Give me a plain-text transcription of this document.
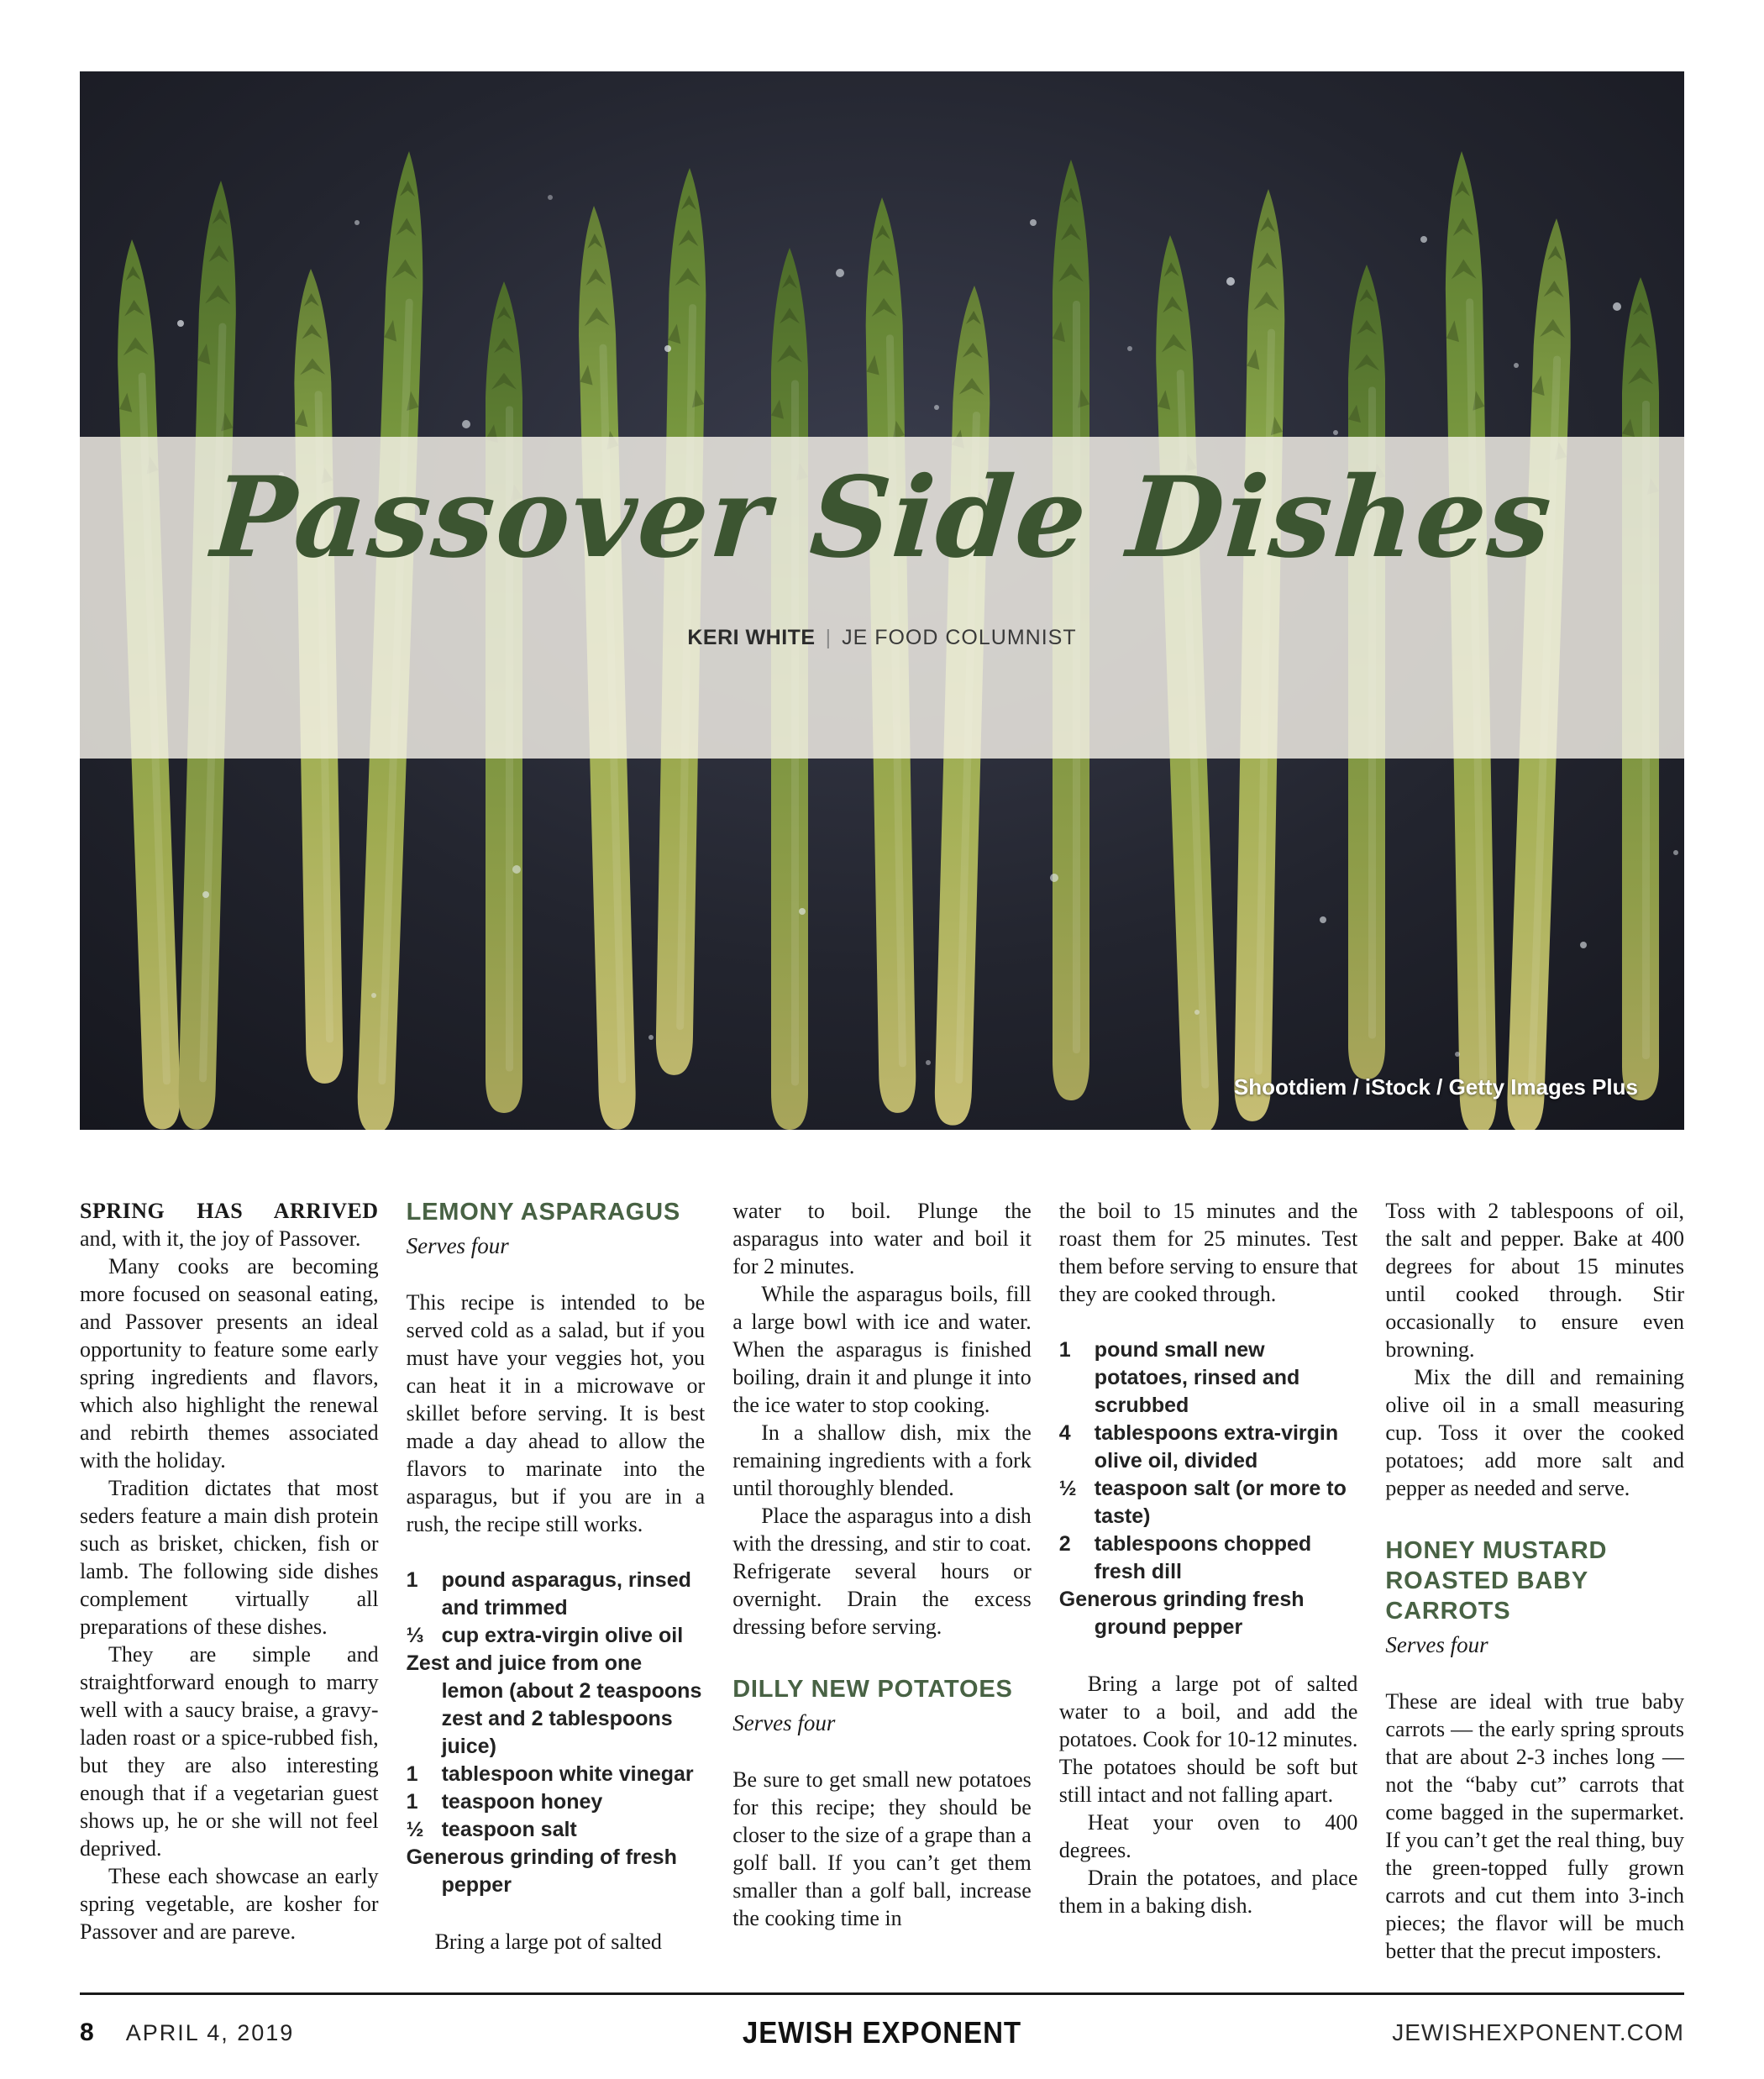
Passover Side Dishes
KERI WHITE | JE FOOD COLUMNIST
Shootdiem / iStock / Getty Images Plus
SPRING HAS ARRIVED

and, with it, the joy of Passover.

Many cooks are becoming more focused on seasonal eating, and Passover presents an ideal opportunity to feature some early spring ingredients and flavors, which also highlight the renewal and rebirth themes associated with the holiday.

Tradition dictates that most seders feature a main dish protein such as brisket, chicken, fish or lamb. The following side dishes complement virtually all preparations of these dishes.

They are simple and straightforward enough to marry well with a saucy braise, a gravy-laden roast or a spice-rubbed fish, but they are also interesting enough that if a vegetarian guest shows up, he or she will not feel deprived.

These each showcase an early spring vegetable, are kosher for Passover and are pareve.

LEMONY ASPARAGUS
Serves four

This recipe is intended to be served cold as a salad, but if you must have your veggies hot, you can heat it in a microwave or skillet before serving. It is best made a day ahead to allow the flavors to marinate into the asparagus, but if you are in a rush, the recipe still works.

1 pound asparagus, rinsed and trimmed
⅓ cup extra-virgin olive oil
Zest and juice from one lemon (about 2 teaspoons zest and 2 tablespoons juice)
1 tablespoon white vinegar
1 teaspoon honey
½ teaspoon salt
Generous grinding of fresh pepper

Bring a large pot of salted

water to boil. Plunge the asparagus into water and boil it for 2 minutes.

While the asparagus boils, fill a large bowl with ice and water. When the asparagus is finished boiling, drain it and plunge it into the ice water to stop cooking.

In a shallow dish, mix the remaining ingredients with a fork until thoroughly blended.

Place the asparagus into a dish with the dressing, and stir to coat. Refrigerate several hours or overnight. Drain the excess dressing before serving.

DILLY NEW POTATOES
Serves four

Be sure to get small new potatoes for this recipe; they should be closer to the size of a grape than a golf ball. If you can’t get them smaller than a golf ball, increase the cooking time in

the boil to 15 minutes and the roast them for 25 minutes. Test them before serving to ensure that they are cooked through.

1 pound small new potatoes, rinsed and scrubbed
4 tablespoons extra-virgin olive oil, divided
½ teaspoon salt (or more to taste)
2 tablespoons chopped fresh dill
Generous grinding fresh ground pepper

Bring a large pot of salted water to a boil, and add the potatoes. Cook for 10-12 minutes. The potatoes should be soft but still intact and not falling apart.

Heat your oven to 400 degrees.

Drain the potatoes, and place them in a baking dish.

Toss with 2 tablespoons of oil, the salt and pepper. Bake at 400 degrees for about 15 minutes until cooked through. Stir occasionally to ensure even browning.

Mix the dill and remaining olive oil in a small measuring cup. Toss it over the cooked potatoes; add more salt and pepper as needed and serve.

HONEY MUSTARD ROASTED BABY CARROTS
Serves four

These are ideal with true baby carrots — the early spring sprouts that are about 2-3 inches long — not the “baby cut” carrots that come bagged in the supermarket. If you can’t get the real thing, buy the green-topped fully grown carrots and cut them into 3-inch pieces; the flavor will be much better that the precut imposters.

8 APRIL 4, 2019	JEWISH EXPONENT	JEWISHEXPONENT.COM
